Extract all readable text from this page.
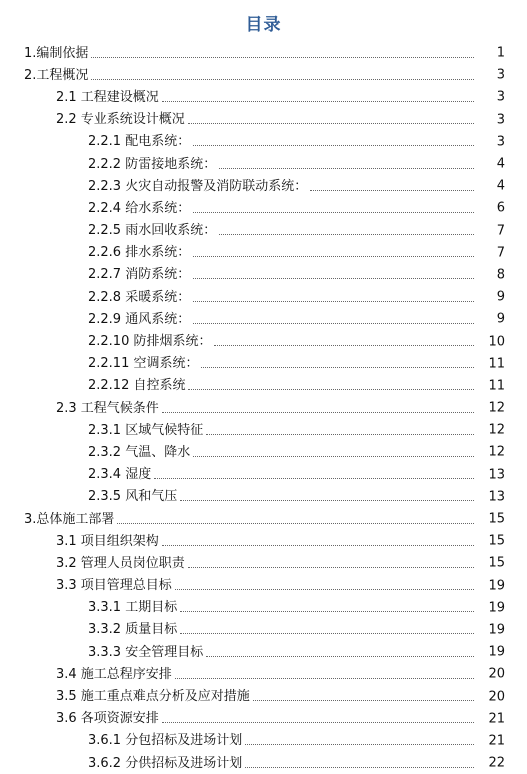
目录
1.编制依据	1
2.工程概况	3
2.1 工程建设概况	3
2.2 专业系统设计概况	3
2.2.1 配电系统：	3
2.2.2 防雷接地系统：	4
2.2.3 火灾自动报警及消防联动系统：	4
2.2.4 给水系统：	6
2.2.5 雨水回收系统：	7
2.2.6 排水系统：	7
2.2.7 消防系统：	8
2.2.8 采暖系统：	9
2.2.9 通风系统：	9
2.2.10 防排烟系统：	10
2.2.11 空调系统：	11
2.2.12 自控系统	11
2.3 工程气候条件	12
2.3.1 区域气候特征	12
2.3.2 气温、降水	12
2.3.4 湿度	13
2.3.5 风和气压	13
3.总体施工部署	15
3.1 项目组织架构	15
3.2 管理人员岗位职责	15
3.3 项目管理总目标	19
3.3.1 工期目标	19
3.3.2 质量目标	19
3.3.3 安全管理目标	19
3.4 施工总程序安排	20
3.5 施工重点难点分析及应对措施	20
3.6 各项资源安排	21
3.6.1 分包招标及进场计划	21
3.6.2 分供招标及进场计划	22
